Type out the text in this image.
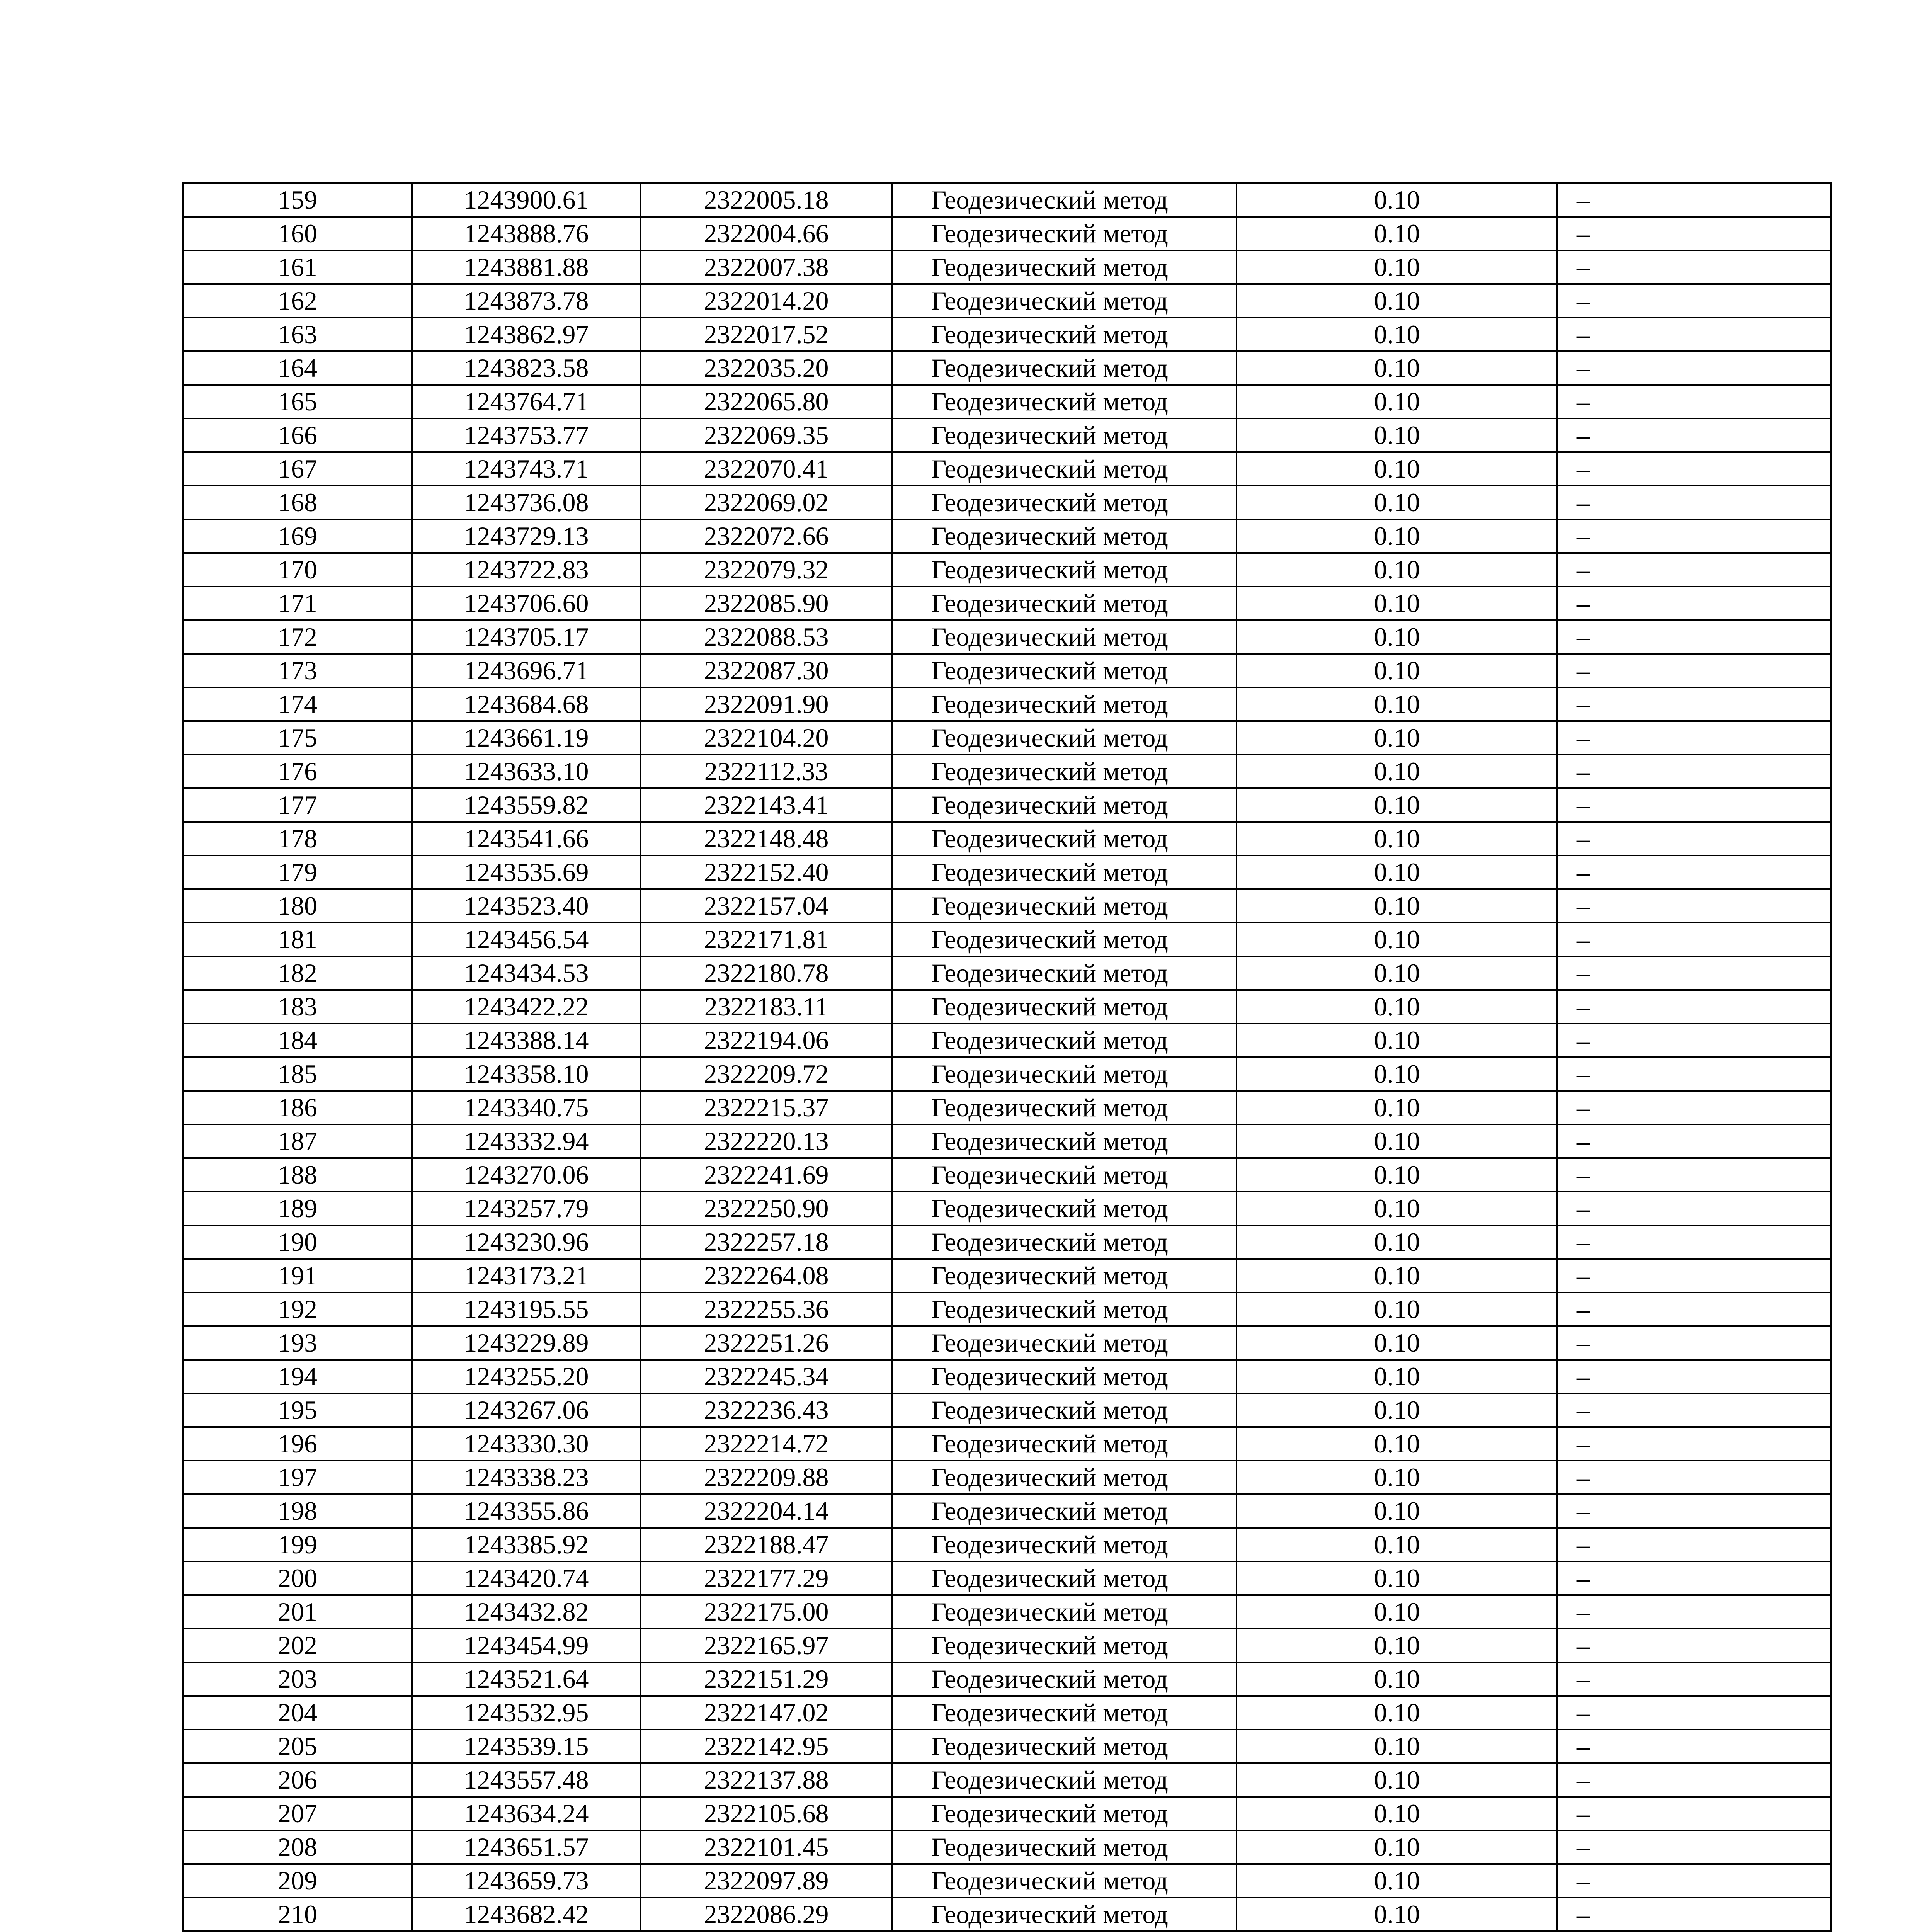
159	1243900.61	2322005.18	Геодезический метод	0.10	–
160	1243888.76	2322004.66	Геодезический метод	0.10	–
161	1243881.88	2322007.38	Геодезический метод	0.10	–
162	1243873.78	2322014.20	Геодезический метод	0.10	–
163	1243862.97	2322017.52	Геодезический метод	0.10	–
164	1243823.58	2322035.20	Геодезический метод	0.10	–
165	1243764.71	2322065.80	Геодезический метод	0.10	–
166	1243753.77	2322069.35	Геодезический метод	0.10	–
167	1243743.71	2322070.41	Геодезический метод	0.10	–
168	1243736.08	2322069.02	Геодезический метод	0.10	–
169	1243729.13	2322072.66	Геодезический метод	0.10	–
170	1243722.83	2322079.32	Геодезический метод	0.10	–
171	1243706.60	2322085.90	Геодезический метод	0.10	–
172	1243705.17	2322088.53	Геодезический метод	0.10	–
173	1243696.71	2322087.30	Геодезический метод	0.10	–
174	1243684.68	2322091.90	Геодезический метод	0.10	–
175	1243661.19	2322104.20	Геодезический метод	0.10	–
176	1243633.10	2322112.33	Геодезический метод	0.10	–
177	1243559.82	2322143.41	Геодезический метод	0.10	–
178	1243541.66	2322148.48	Геодезический метод	0.10	–
179	1243535.69	2322152.40	Геодезический метод	0.10	–
180	1243523.40	2322157.04	Геодезический метод	0.10	–
181	1243456.54	2322171.81	Геодезический метод	0.10	–
182	1243434.53	2322180.78	Геодезический метод	0.10	–
183	1243422.22	2322183.11	Геодезический метод	0.10	–
184	1243388.14	2322194.06	Геодезический метод	0.10	–
185	1243358.10	2322209.72	Геодезический метод	0.10	–
186	1243340.75	2322215.37	Геодезический метод	0.10	–
187	1243332.94	2322220.13	Геодезический метод	0.10	–
188	1243270.06	2322241.69	Геодезический метод	0.10	–
189	1243257.79	2322250.90	Геодезический метод	0.10	–
190	1243230.96	2322257.18	Геодезический метод	0.10	–
191	1243173.21	2322264.08	Геодезический метод	0.10	–
192	1243195.55	2322255.36	Геодезический метод	0.10	–
193	1243229.89	2322251.26	Геодезический метод	0.10	–
194	1243255.20	2322245.34	Геодезический метод	0.10	–
195	1243267.06	2322236.43	Геодезический метод	0.10	–
196	1243330.30	2322214.72	Геодезический метод	0.10	–
197	1243338.23	2322209.88	Геодезический метод	0.10	–
198	1243355.86	2322204.14	Геодезический метод	0.10	–
199	1243385.92	2322188.47	Геодезический метод	0.10	–
200	1243420.74	2322177.29	Геодезический метод	0.10	–
201	1243432.82	2322175.00	Геодезический метод	0.10	–
202	1243454.99	2322165.97	Геодезический метод	0.10	–
203	1243521.64	2322151.29	Геодезический метод	0.10	–
204	1243532.95	2322147.02	Геодезический метод	0.10	–
205	1243539.15	2322142.95	Геодезический метод	0.10	–
206	1243557.48	2322137.88	Геодезический метод	0.10	–
207	1243634.24	2322105.68	Геодезический метод	0.10	–
208	1243651.57	2322101.45	Геодезический метод	0.10	–
209	1243659.73	2322097.89	Геодезический метод	0.10	–
210	1243682.42	2322086.29	Геодезический метод	0.10	–
